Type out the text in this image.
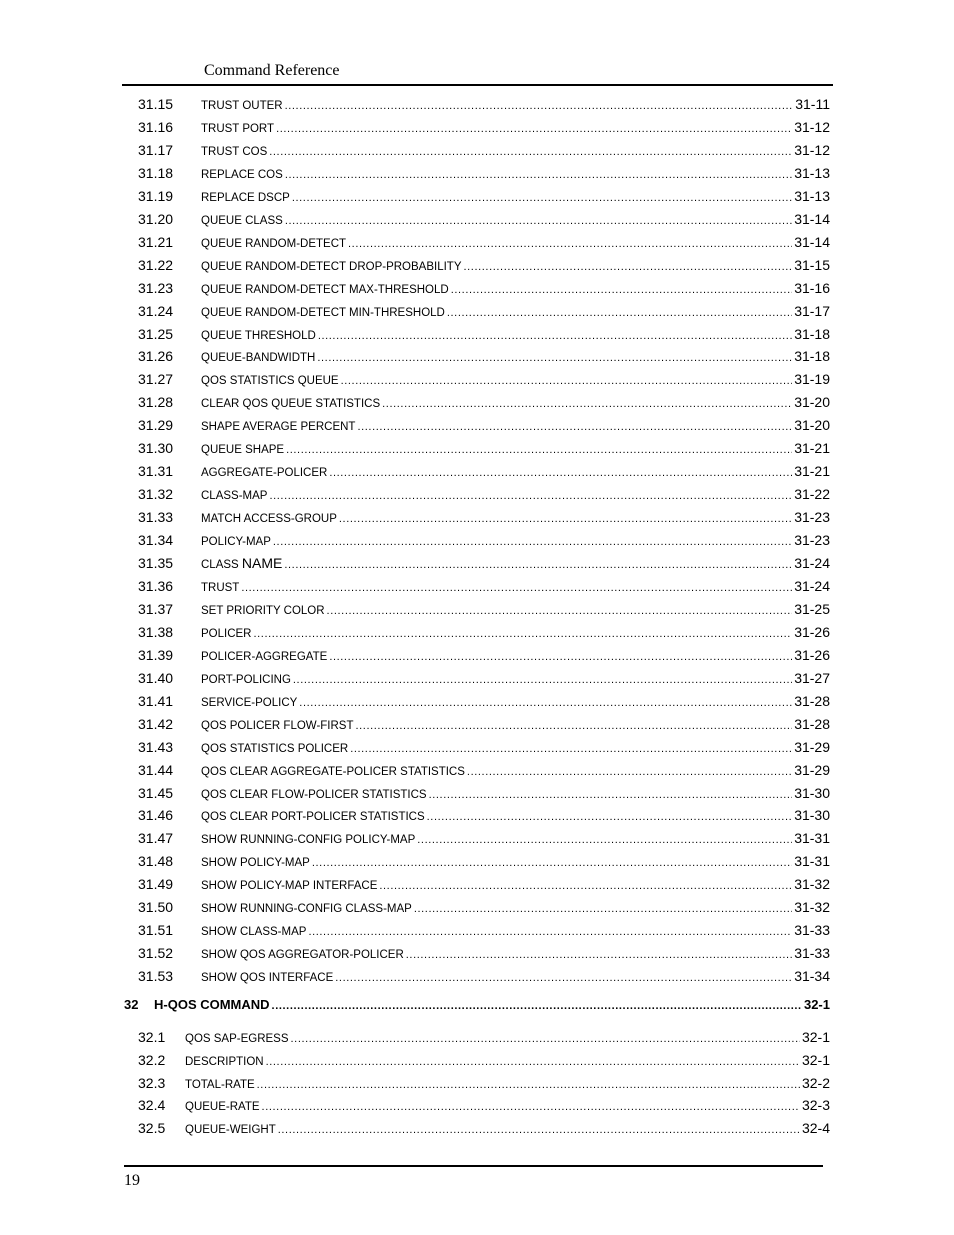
Command Reference
31.15	TRUST OUTER .....	31-11
31.16	TRUST PORT .....	31-12
31.17	TRUST COS .....	31-12
31.18	REPLACE COS .....	31-13
31.19	REPLACE DSCP .....	31-13
31.20	QUEUE CLASS .....	31-14
31.21	QUEUE RANDOM-DETECT .....	31-14
31.22	QUEUE RANDOM-DETECT DROP-PROBABILITY .....	31-15
31.23	QUEUE RANDOM-DETECT MAX-THRESHOLD .....	31-16
31.24	QUEUE RANDOM-DETECT MIN-THRESHOLD .....	31-17
31.25	QUEUE THRESHOLD .....	31-18
31.26	QUEUE-BANDWIDTH .....	31-18
31.27	QOS STATISTICS QUEUE .....	31-19
31.28	CLEAR QOS QUEUE STATISTICS .....	31-20
31.29	SHAPE AVERAGE PERCENT .....	31-20
31.30	QUEUE SHAPE .....	31-21
31.31	AGGREGATE-POLICER .....	31-21
31.32	CLASS-MAP .....	31-22
31.33	MATCH ACCESS-GROUP .....	31-23
31.34	POLICY-MAP .....	31-23
31.35	CLASS NAME .....	31-24
31.36	TRUST .....	31-24
31.37	SET PRIORITY COLOR .....	31-25
31.38	POLICER .....	31-26
31.39	POLICER-AGGREGATE .....	31-26
31.40	PORT-POLICING .....	31-27
31.41	SERVICE-POLICY .....	31-28
31.42	QOS POLICER FLOW-FIRST .....	31-28
31.43	QOS STATISTICS POLICER .....	31-29
31.44	QOS CLEAR AGGREGATE-POLICER STATISTICS .....	31-29
31.45	QOS CLEAR FLOW-POLICER STATISTICS .....	31-30
31.46	QOS CLEAR PORT-POLICER STATISTICS .....	31-30
31.47	SHOW RUNNING-CONFIG POLICY-MAP .....	31-31
31.48	SHOW POLICY-MAP .....	31-31
31.49	SHOW POLICY-MAP INTERFACE .....	31-32
31.50	SHOW RUNNING-CONFIG CLASS-MAP .....	31-32
31.51	SHOW CLASS-MAP .....	31-33
31.52	SHOW QOS AGGREGATOR-POLICER .....	31-33
31.53	SHOW QOS INTERFACE .....	31-34
32	H-QOS COMMAND .....	32-1
32.1	QOS SAP-EGRESS .....	32-1
32.2	DESCRIPTION .....	32-1
32.3	TOTAL-RATE .....	32-2
32.4	QUEUE-RATE .....	32-3
32.5	QUEUE-WEIGHT .....	32-4
19
